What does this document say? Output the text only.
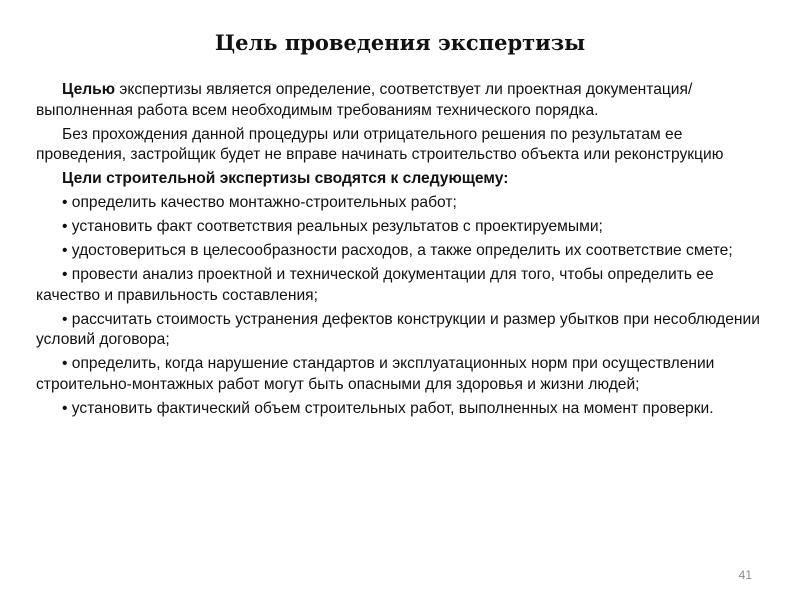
Цель проведения экспертизы

Целью экспертизы является определение, соответствует ли проектная документация/выполненная работа всем необходимым требованиям технического порядка.

Без прохождения данной процедуры или отрицательного решения по результатам ее проведения, застройщик будет не вправе начинать строительство объекта или реконструкцию

Цели строительной экспертизы сводятся к следующему:

• определить качество монтажно-строительных работ;

• установить факт соответствия реальных результатов с проектируемыми;

• удостовериться в целесообразности расходов, а также определить их соответствие смете;

• провести анализ проектной и технической документации для того, чтобы определить ее качество и правильность составления;

• рассчитать стоимость устранения дефектов конструкции и размер убытков при несоблюдении условий договора;

• определить, когда нарушение стандартов и эксплуатационных норм при осуществлении строительно-монтажных работ могут быть опасными для здоровья и жизни людей;

• установить фактический объем строительных работ, выполненных на момент проверки.

41
